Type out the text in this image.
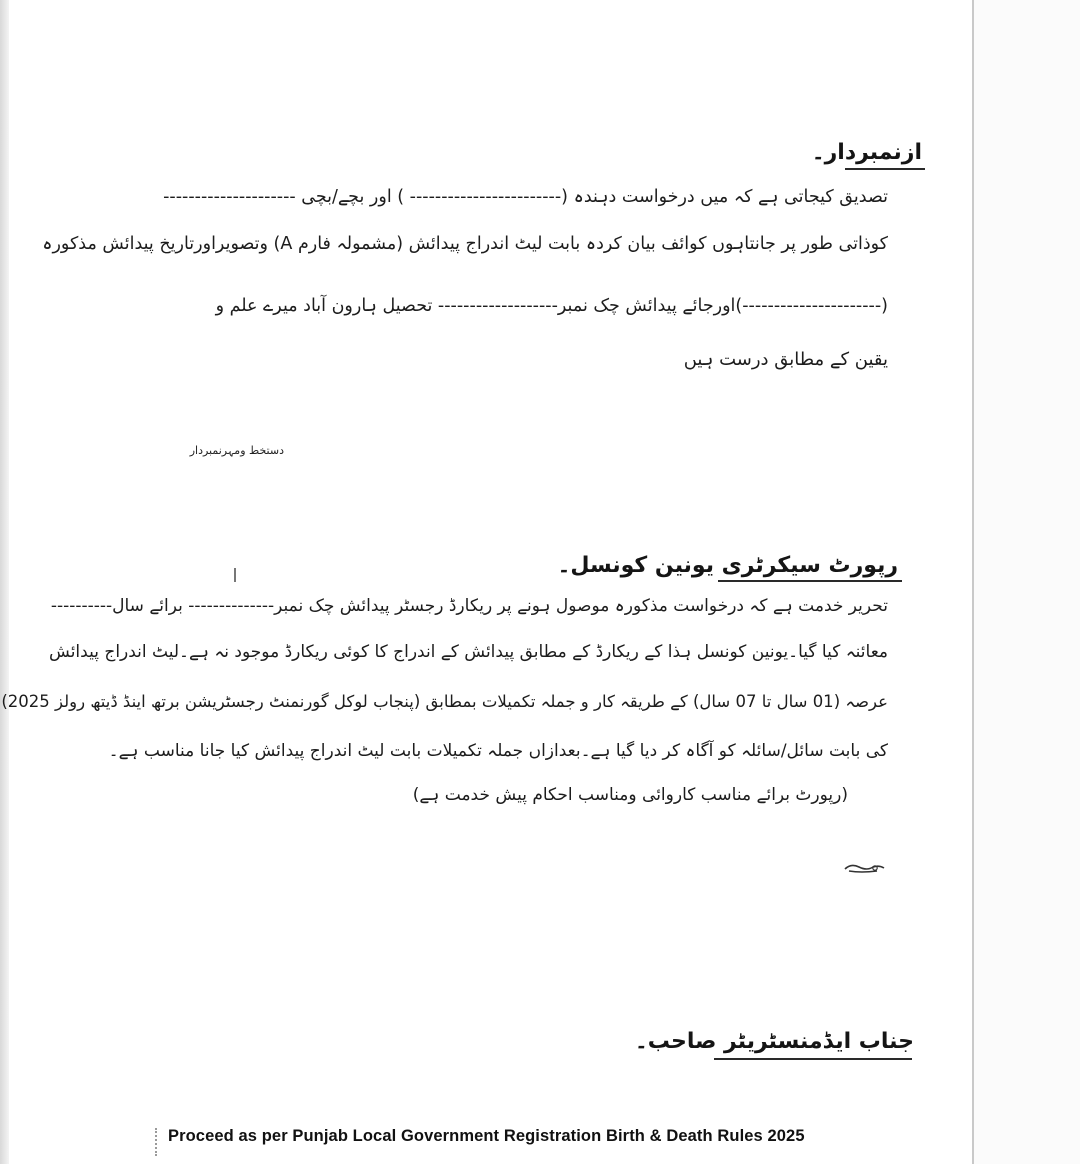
ازنمبردار۔
تصدیق کیجاتی ہے کہ میں درخواست دہندہ (------------------------ ) اور بچے/بچی ---------------------
کوذاتی طور پر جانتاہوں کوائف بیان کردہ بابت لیٹ اندراج پیدائش (مشمولہ فارم A) وتصویراورتاریخ پیدائش مذکورہ
(----------------------)اورجائے پیدائش چک نمبر------------------- تحصیل ہارون آباد میرے علم و
یقین کے مطابق درست ہیں
دستخط ومہرنمبردار
رپورٹ سیکرٹری یونین کونسل۔
تحریر خدمت ہے کہ درخواست مذکورہ موصول ہونے پر ریکارڈ رجسٹر پیدائش چک نمبر-------------- برائے سال----------
معائنہ کیا گیا۔یونین کونسل ہذا کے ریکارڈ کے مطابق پیدائش کے اندراج کا کوئی ریکارڈ موجود نہ ہے۔لیٹ اندراج پیدائش
عرصہ (01 سال تا 07 سال) کے طریقہ کار و جملہ تکمیلات بمطابق (پنجاب لوکل گورنمنٹ رجسٹریشن برتھ اینڈ ڈیتھ رولز 2025)
کی بابت سائل/سائلہ کو آگاہ کر دیا گیا ہے۔بعدازاں جملہ تکمیلات بابت لیٹ اندراج پیدائش کیا جانا مناسب ہے۔
(رپورٹ برائے مناسب کاروائی ومناسب احکام پیش خدمت ہے)
جناب ایڈمنسٹریٹر صاحب۔
Proceed as per Punjab Local Government Registration Birth & Death Rules 2025
